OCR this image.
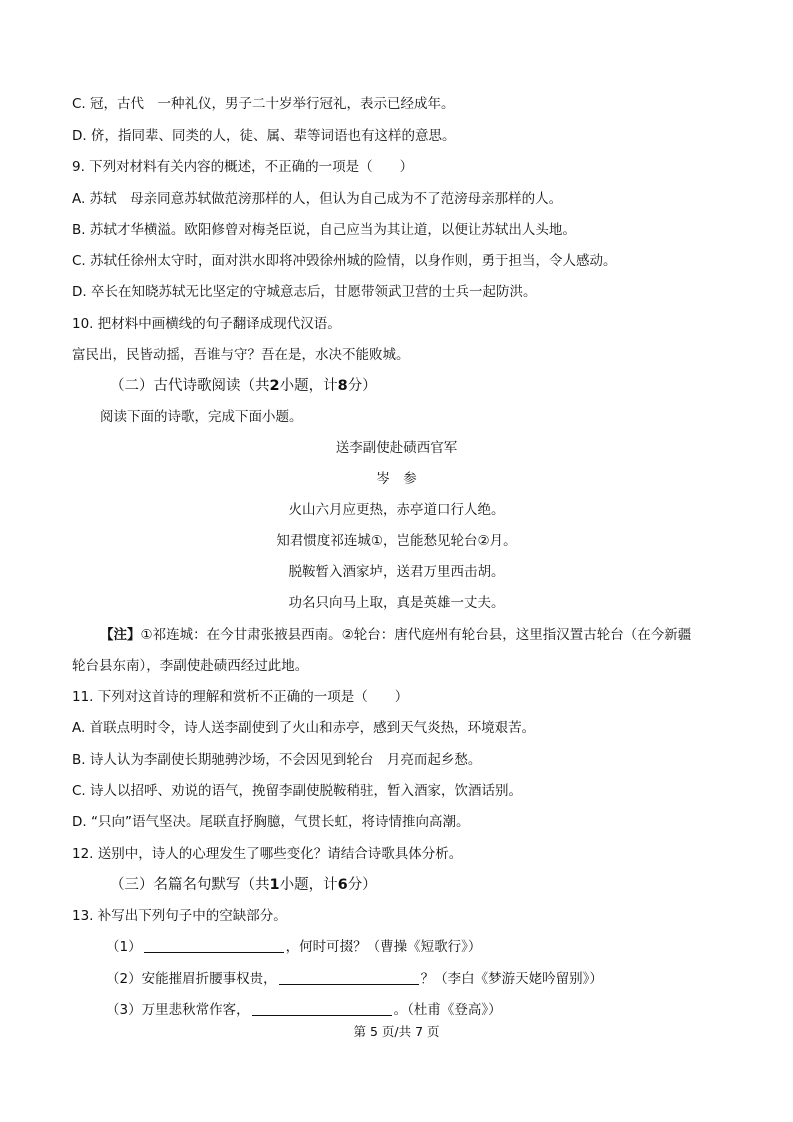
C. 冠，古代　一种礼仪，男子二十岁举行冠礼，表示已经成年。
D. 侪，指同辈、同类的人，徒、属、辈等词语也有这样的意思。
9. 下列对材料有关内容的概述，不正确的一项是（　　）
A. 苏轼　母亲同意苏轼做范滂那样的人，但认为自己成为不了范滂母亲那样的人。
B. 苏轼才华横溢。欧阳修曾对梅尧臣说，自己应当为其让道，以便让苏轼出人头地。
C. 苏轼任徐州太守时，面对洪水即将冲毁徐州城的险情，以身作则，勇于担当，令人感动。
D. 卒长在知晓苏轼无比坚定的守城意志后，甘愿带领武卫营的士兵一起防洪。
10. 把材料中画横线的句子翻译成现代汉语。
富民出，民皆动摇，吾谁与守？吾在是，水决不能败城。
（二）古代诗歌阅读（共2小题，计8分）
阅读下面的诗歌，完成下面小题。
送李副使赴碛西官军
岑　参
火山六月应更热，赤亭道口行人绝。
知君惯度祁连城①，岂能愁见轮台②月。
脱鞍暂入酒家垆，送君万里西击胡。
功名只向马上取，真是英雄一丈夫。
【注】①祁连城：在今甘肃张掖县西南。②轮台：唐代庭州有轮台县，这里指汉置古轮台（在今新疆
轮台县东南），李副使赴碛西经过此地。
11. 下列对这首诗的理解和赏析不正确的一项是（　　）
A. 首联点明时令，诗人送李副使到了火山和赤亭，感到天气炎热，环境艰苦。
B. 诗人认为李副使长期驰骋沙场，不会因见到轮台　月亮而起乡愁。
C. 诗人以招呼、劝说的语气，挽留李副使脱鞍稍驻，暂入酒家，饮酒话别。
D. “只向”语气坚决。尾联直抒胸臆，气贯长虹，将诗情推向高潮。
12. 送别中，诗人的心理发生了哪些变化？请结合诗歌具体分析。
（三）名篇名句默写（共1小题，计6分）
13. 补写出下列句子中的空缺部分。
（1）	，何时可掇？（曹操《短歌行》）
（2）安能摧眉折腰事权贵，	？（李白《梦游天姥吟留别》）
（3）万里悲秋常作客，	。（杜甫《登高》）
第 5 页/共 7 页
